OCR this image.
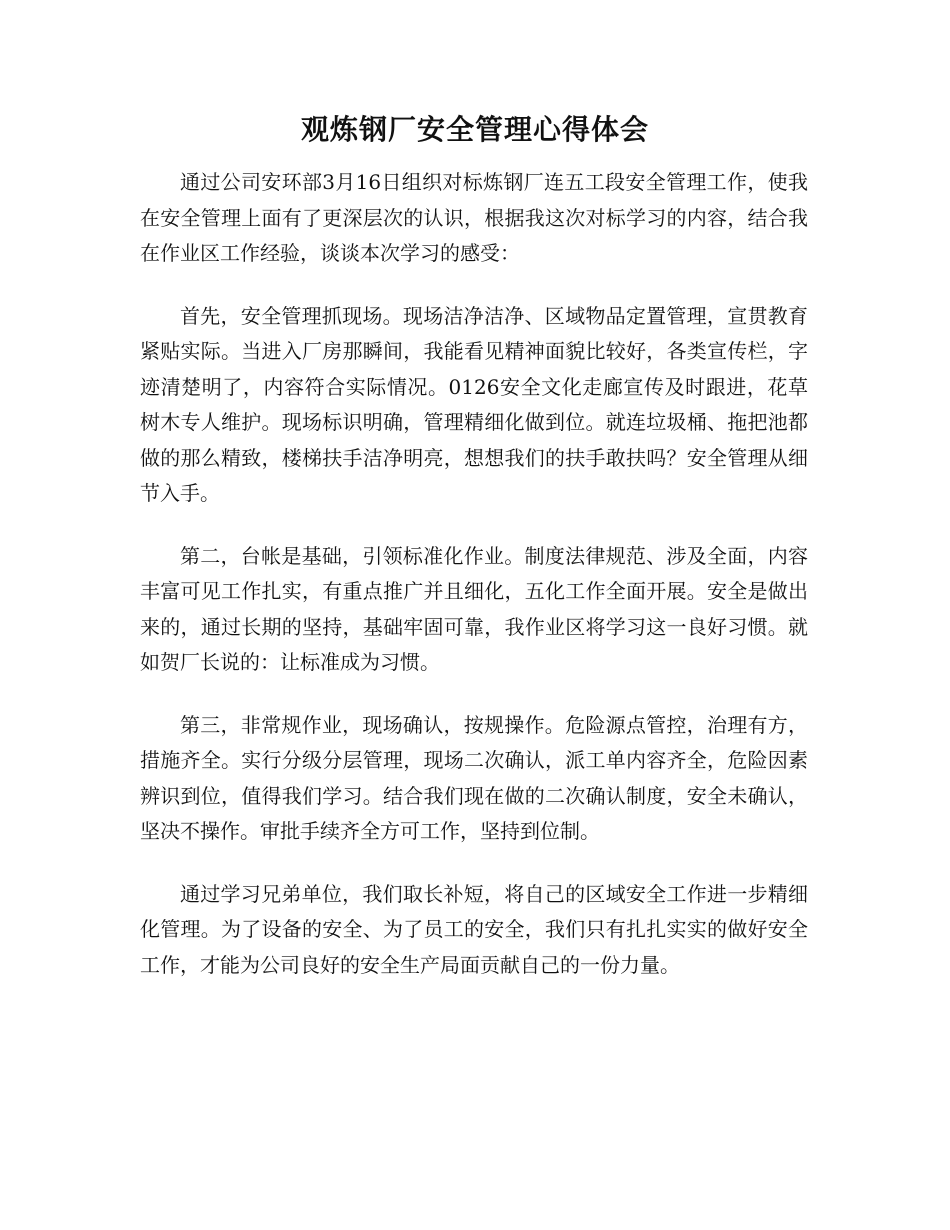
观炼钢厂安全管理心得体会

通过公司安环部3月16日组织对标炼钢厂连五工段安全管理工作，使我在安全管理上面有了更深层次的认识，根据我这次对标学习的内容，结合我在作业区工作经验，谈谈本次学习的感受：

首先，安全管理抓现场。现场洁净洁净、区域物品定置管理，宣贯教育紧贴实际。当进入厂房那瞬间，我能看见精神面貌比较好，各类宣传栏，字迹清楚明了，内容符合实际情况。0126安全文化走廊宣传及时跟进，花草树木专人维护。现场标识明确，管理精细化做到位。就连垃圾桶、拖把池都做的那么精致，楼梯扶手洁净明亮，想想我们的扶手敢扶吗？安全管理从细节入手。

第二，台帐是基础，引领标准化作业。制度法律规范、涉及全面，内容丰富可见工作扎实，有重点推广并且细化，五化工作全面开展。安全是做出来的，通过长期的坚持，基础牢固可靠，我作业区将学习这一良好习惯。就如贺厂长说的：让标准成为习惯。

第三，非常规作业，现场确认，按规操作。危险源点管控，治理有方，措施齐全。实行分级分层管理，现场二次确认，派工单内容齐全，危险因素辨识到位，值得我们学习。结合我们现在做的二次确认制度，安全未确认，坚决不操作。审批手续齐全方可工作，坚持到位制。

通过学习兄弟单位，我们取长补短，将自己的区域安全工作进一步精细化管理。为了设备的安全、为了员工的安全，我们只有扎扎实实的做好安全工作，才能为公司良好的安全生产局面贡献自己的一份力量。
